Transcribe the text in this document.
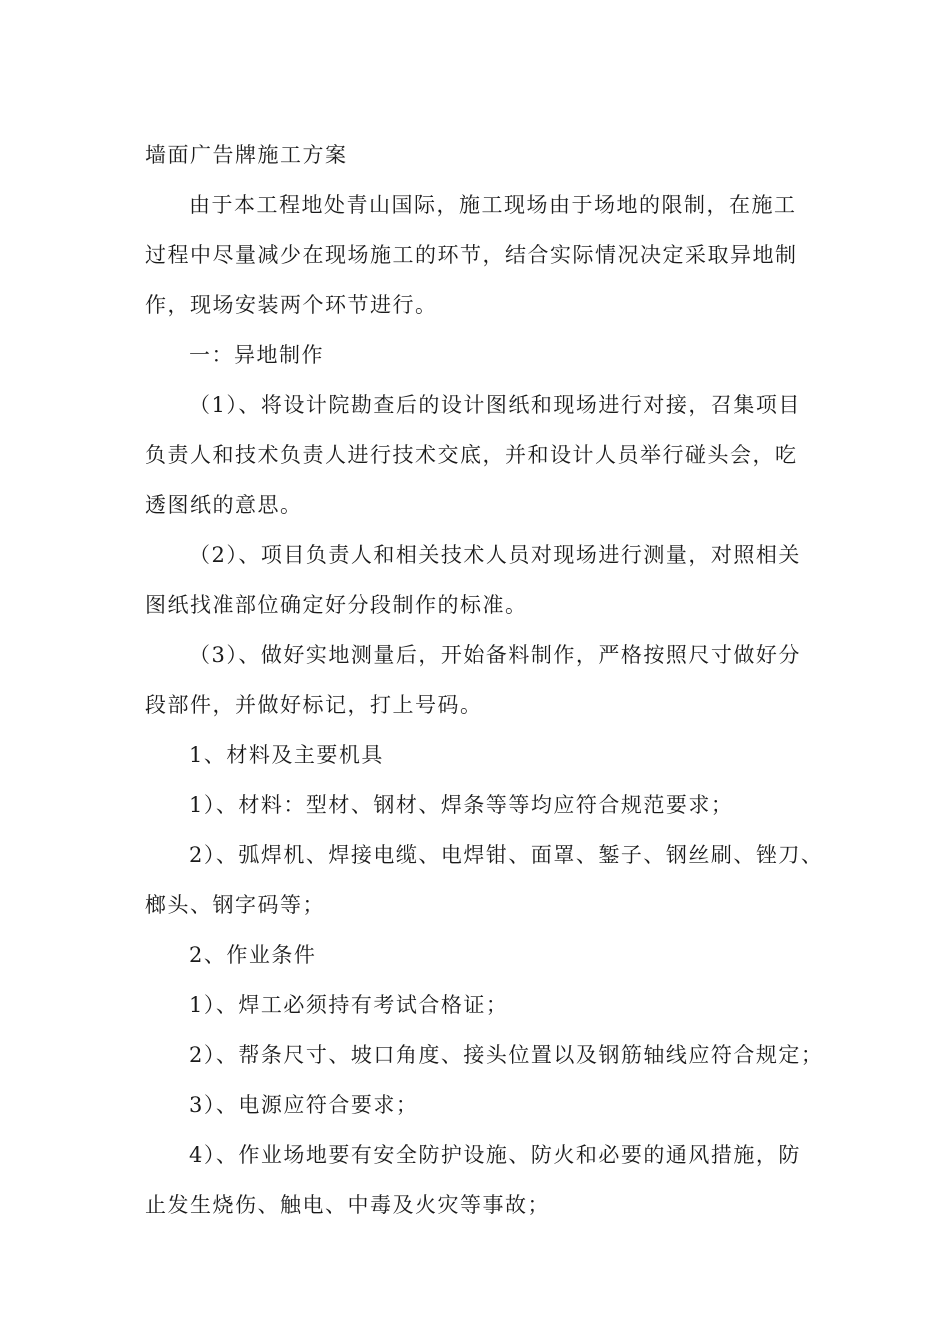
墙面广告牌施工方案
由于本工程地处青山国际，施工现场由于场地的限制，在施工
过程中尽量减少在现场施工的环节，结合实际情况决定采取异地制
作，现场安装两个环节进行。
一：异地制作
（1）、将设计院勘查后的设计图纸和现场进行对接，召集项目
负责人和技术负责人进行技术交底，并和设计人员举行碰头会，吃
透图纸的意思。
（2）、项目负责人和相关技术人员对现场进行测量，对照相关
图纸找准部位确定好分段制作的标准。
（3）、做好实地测量后，开始备料制作，严格按照尺寸做好分
段部件，并做好标记，打上号码。
1、材料及主要机具
1）、材料：型材、钢材、焊条等等均应符合规范要求；
2）、弧焊机、焊接电缆、电焊钳、面罩、錾子、钢丝刷、锉刀、
榔头、钢字码等；
2、作业条件
1）、焊工必须持有考试合格证；
2）、帮条尺寸、坡口角度、接头位置以及钢筋轴线应符合规定；
3）、电源应符合要求；
4）、作业场地要有安全防护设施、防火和必要的通风措施，防
止发生烧伤、触电、中毒及火灾等事故；
